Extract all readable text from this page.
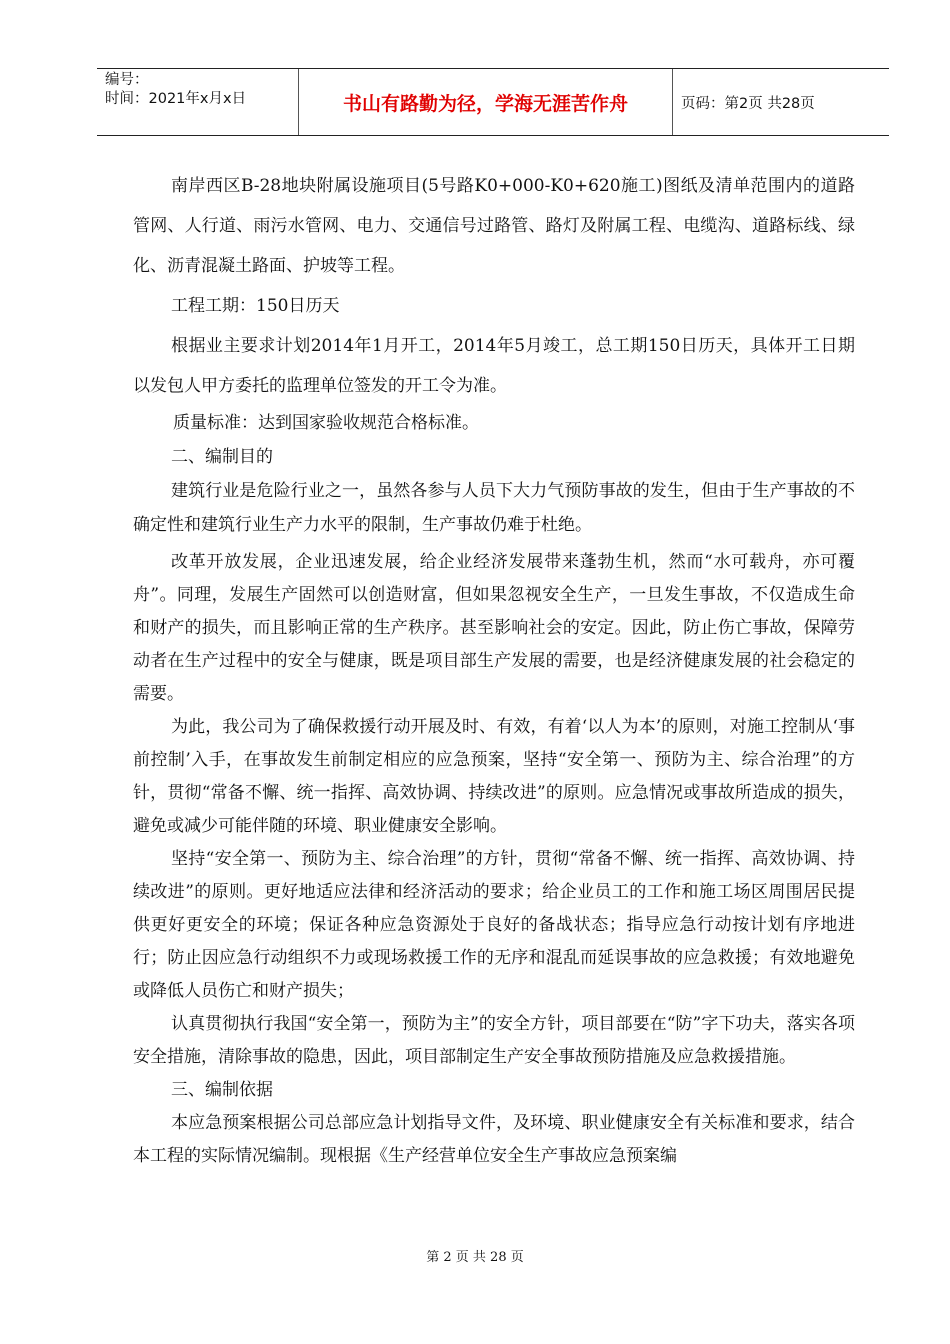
编号：
时间：2021年x月x日	书山有路勤为径，学海无涯苦作舟	页码：第2页 共28页

南岸西区B-28地块附属设施项目(5号路K0+000-K0+620施工)图纸及清单范围内的道路管网、人行道、雨污水管网、电力、交通信号过路管、路灯及附属工程、电缆沟、道路标线、绿化、沥青混凝土路面、护坡等工程。

工程工期：150日历天

根据业主要求计划2014年1月开工，2014年5月竣工，总工期150日历天，具体开工日期以发包人甲方委托的监理单位签发的开工令为准。

质量标准：达到国家验收规范合格标准。

二、编制目的

建筑行业是危险行业之一，虽然各参与人员下大力气预防事故的发生，但由于生产事故的不确定性和建筑行业生产力水平的限制，生产事故仍难于杜绝。

改革开放发展，企业迅速发展，给企业经济发展带来蓬勃生机，然而“水可载舟，亦可覆舟”。同理，发展生产固然可以创造财富，但如果忽视安全生产，一旦发生事故，不仅造成生命和财产的损失，而且影响正常的生产秩序。甚至影响社会的安定。因此，防止伤亡事故，保障劳动者在生产过程中的安全与健康，既是项目部生产发展的需要，也是经济健康发展的社会稳定的需要。

为此，我公司为了确保救援行动开展及时、有效，有着‘以人为本’的原则，对施工控制从‘事前控制’入手，在事故发生前制定相应的应急预案，坚持“安全第一、预防为主、综合治理”的方针，贯彻“常备不懈、统一指挥、高效协调、持续改进”的原则。应急情况或事故所造成的损失，避免或减少可能伴随的环境、职业健康安全影响。

坚持“安全第一、预防为主、综合治理”的方针，贯彻“常备不懈、统一指挥、高效协调、持续改进”的原则。更好地适应法律和经济活动的要求；给企业员工的工作和施工场区周围居民提供更好更安全的环境；保证各种应急资源处于良好的备战状态；指导应急行动按计划有序地进行；防止因应急行动组织不力或现场救援工作的无序和混乱而延误事故的应急救援；有效地避免或降低人员伤亡和财产损失；

认真贯彻执行我国“安全第一，预防为主”的安全方针，项目部要在“防”字下功夫，落实各项安全措施，清除事故的隐患，因此，项目部制定生产安全事故预防措施及应急救援措施。

三、编制依据

本应急预案根据公司总部应急计划指导文件，及环境、职业健康安全有关标准和要求，结合本工程的实际情况编制。现根据《生产经营单位安全生产事故应急预案编

第 2 页 共 28 页
